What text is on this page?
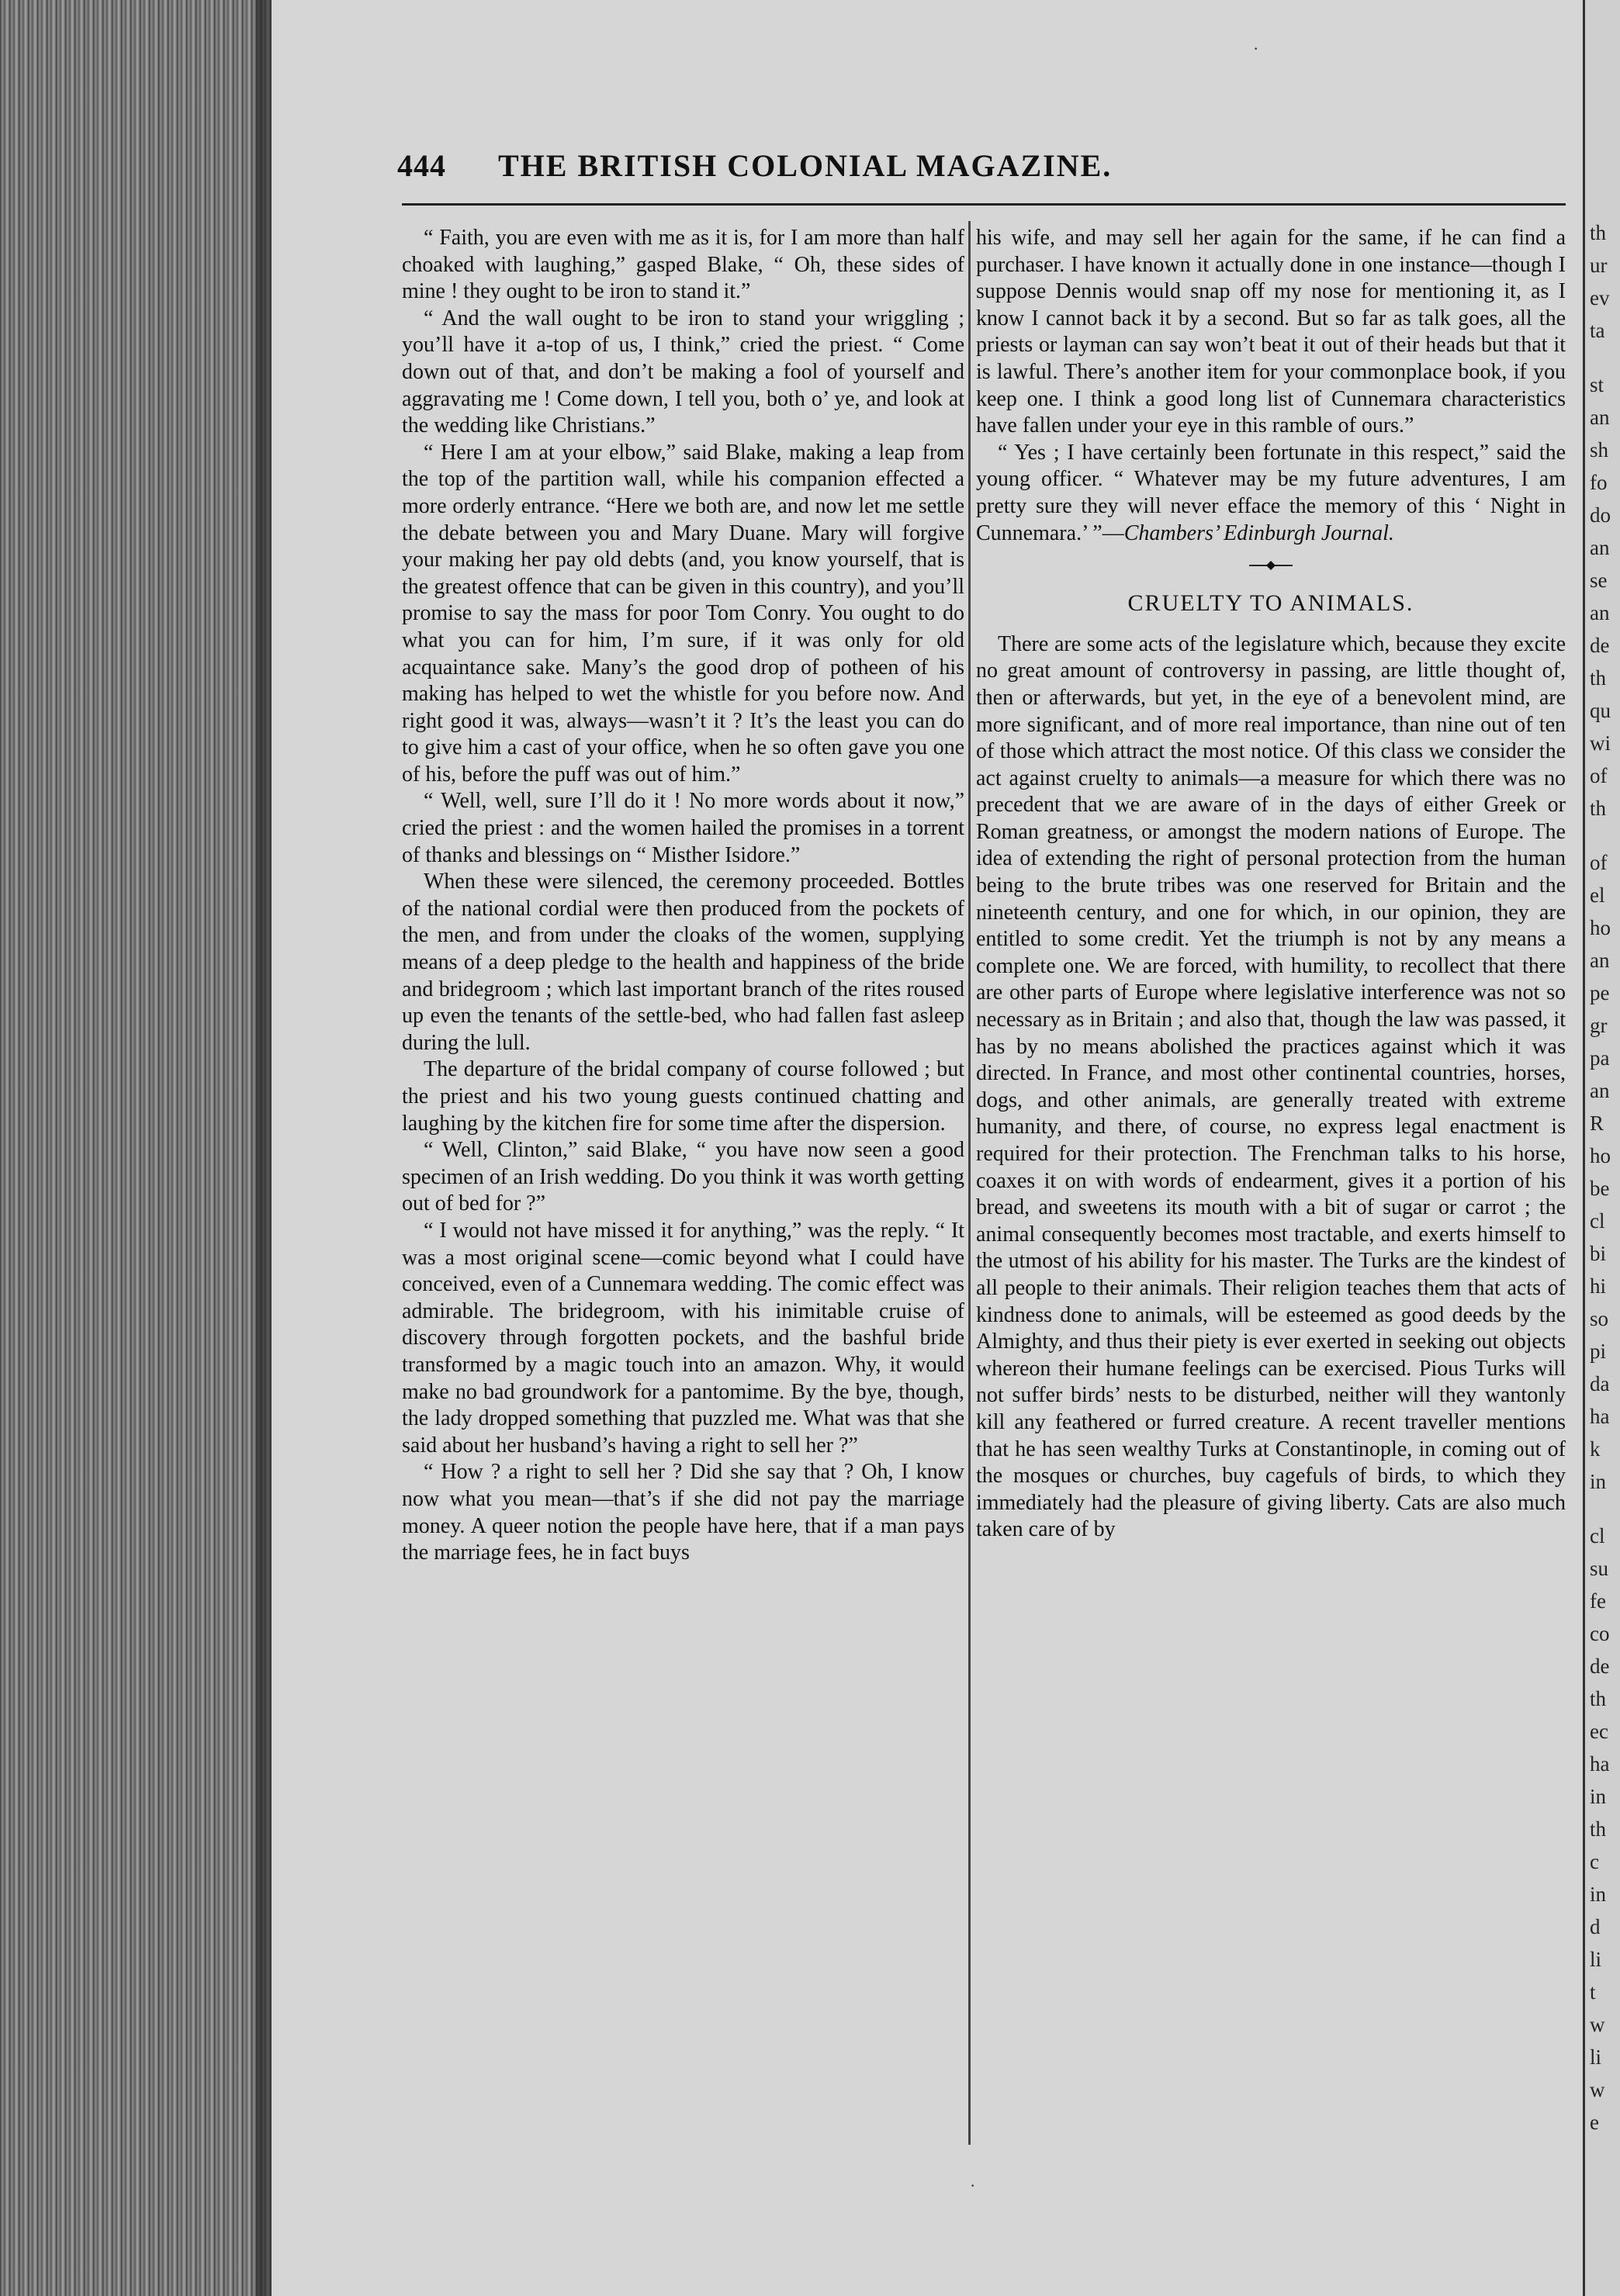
444 THE BRITISH COLONIAL MAGAZINE.

“ Faith, you are even with me as it is, for I am more than half choaked with laughing,” gasped Blake, “ Oh, these sides of mine ! they ought to be iron to stand it.”

“ And the wall ought to be iron to stand your wriggling ; you’ll have it a-top of us, I think,” cried the priest. “ Come down out of that, and don’t be making a fool of yourself and aggravating me ! Come down, I tell you, both o’ ye, and look at the wedding like Christians.”

“ Here I am at your elbow,” said Blake, making a leap from the top of the partition wall, while his companion effected a more orderly entrance. “Here we both are, and now let me settle the debate between you and Mary Duane. Mary will forgive your making her pay old debts (and, you know yourself, that is the greatest offence that can be given in this country), and you’ll promise to say the mass for poor Tom Conry. You ought to do what you can for him, I’m sure, if it was only for old acquaintance sake. Many’s the good drop of potheen of his making has helped to wet the whistle for you before now. And right good it was, always—wasn’t it ? It’s the least you can do to give him a cast of your office, when he so often gave you one of his, before the puff was out of him.”

“ Well, well, sure I’ll do it ! No more words about it now,” cried the priest : and the women hailed the promises in a torrent of thanks and blessings on “ Misther Isidore.”

When these were silenced, the ceremony proceeded. Bottles of the national cordial were then produced from the pockets of the men, and from under the cloaks of the women, supplying means of a deep pledge to the health and happiness of the bride and bridegroom ; which last important branch of the rites roused up even the tenants of the settle-bed, who had fallen fast asleep during the lull.

The departure of the bridal company of course followed ; but the priest and his two young guests continued chatting and laughing by the kitchen fire for some time after the dispersion.

“ Well, Clinton,” said Blake, “ you have now seen a good specimen of an Irish wedding. Do you think it was worth getting out of bed for ?”

“ I would not have missed it for anything,” was the reply. “ It was a most original scene—comic beyond what I could have conceived, even of a Cunnemara wedding. The comic effect was admirable. The bridegroom, with his inimitable cruise of discovery through forgotten pockets, and the bashful bride transformed by a magic touch into an amazon. Why, it would make no bad groundwork for a pantomime. By the bye, though, the lady dropped something that puzzled me. What was that she said about her husband’s having a right to sell her ?”

“ How ? a right to sell her ? Did she say that ? Oh, I know now what you mean—that’s if she did not pay the marriage money. A queer notion the people have here, that if a man pays the marriage fees, he in fact buys

his wife, and may sell her again for the same, if he can find a purchaser. I have known it actually done in one instance—though I suppose Dennis would snap off my nose for mentioning it, as I know I cannot back it by a second. But so far as talk goes, all the priests or layman can say won’t beat it out of their heads but that it is lawful. There’s another item for your commonplace book, if you keep one. I think a good long list of Cunnemara characteristics have fallen under your eye in this ramble of ours.”

“ Yes ; I have certainly been fortunate in this respect,” said the young officer. “ Whatever may be my future adventures, I am pretty sure they will never efface the memory of this ‘ Night in Cunnemara.’ ”—Chambers’ Edinburgh Journal.

CRUELTY TO ANIMALS.

There are some acts of the legislature which, because they excite no great amount of controversy in passing, are little thought of, then or afterwards, but yet, in the eye of a benevolent mind, are more significant, and of more real importance, than nine out of ten of those which attract the most notice. Of this class we consider the act against cruelty to animals—a measure for which there was no precedent that we are aware of in the days of either Greek or Roman greatness, or amongst the modern nations of Europe. The idea of extending the right of personal protection from the human being to the brute tribes was one reserved for Britain and the nineteenth century, and one for which, in our opinion, they are entitled to some credit. Yet the triumph is not by any means a complete one. We are forced, with humility, to recollect that there are other parts of Europe where legislative interference was not so necessary as in Britain ; and also that, though the law was passed, it has by no means abolished the practices against which it was directed. In France, and most other continental countries, horses, dogs, and other animals, are generally treated with extreme humanity, and there, of course, no express legal enactment is required for their protection. The Frenchman talks to his horse, coaxes it on with words of endearment, gives it a portion of his bread, and sweetens its mouth with a bit of sugar or carrot ; the animal consequently becomes most tractable, and exerts himself to the utmost of his ability for his master. The Turks are the kindest of all people to their animals. Their religion teaches them that acts of kindness done to animals, will be esteemed as good deeds by the Almighty, and thus their piety is ever exerted in seeking out objects whereon their humane feelings can be exercised. Pious Turks will not suffer birds’ nests to be disturbed, neither will they wantonly kill any feathered or furred creature. A recent traveller mentions that he has seen wealthy Turks at Constantinople, in coming out of the mosques or churches, buy cagefuls of birds, to which they immediately had the pleasure of giving liberty. Cats are also much taken care of by

·
·
th
ur
ev
ta
st
an
sh
fo
do
an
se
an
de
th
qu
wi
of
th
of
el
ho
an
pe
gr
pa
an
R
ho
be
cl
bi
hi
so
pi
da
ha
k
in
cl
su
fe
co
de
th
ec
ha
in
th
c
in
d
li
t
w
li
w
e
